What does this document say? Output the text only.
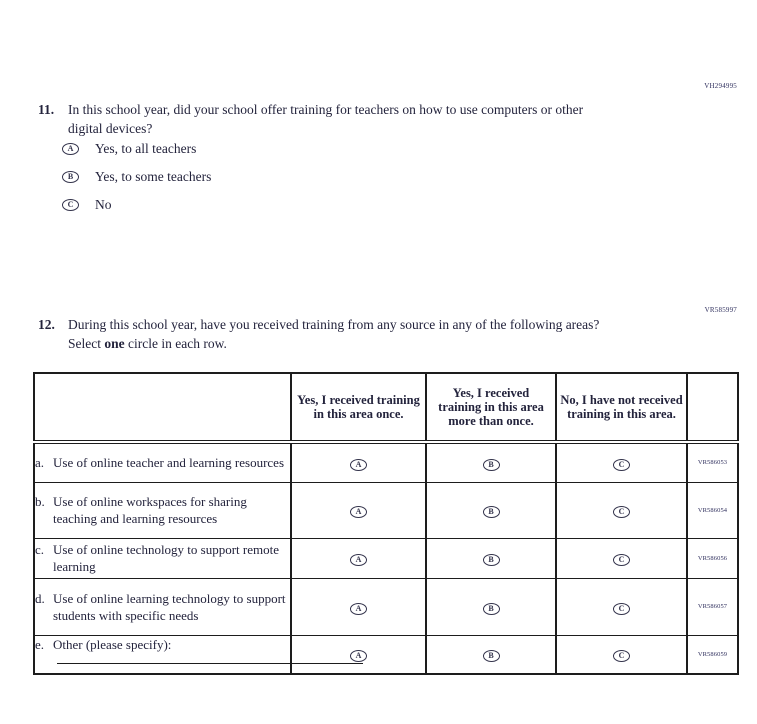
VH294995
11.	In this school year, did your school offer training for teachers on how to use computers or other digital devices?
A	Yes, to all teachers
B	Yes, to some teachers
C	No
VR585997
12. During this school year, have you received training from any source in any of the following areas? Select one circle in each row.
	Yes, I received training in this area once.	Yes, I received training in this area more than once.	No, I have not received training in this area.	

a. Use of online teacher and learning resources	A	B	C	VR586053

b. Use of online workspaces for sharing teaching and learning resources	A	B	C	VR586054

c. Use of online technology to support remote learning	A	B	C	VR586056

d. Use of online learning technology to support students with specific needs	A	B	C	VR586057

e. Other (please specify):	A	B	C	VR586059
